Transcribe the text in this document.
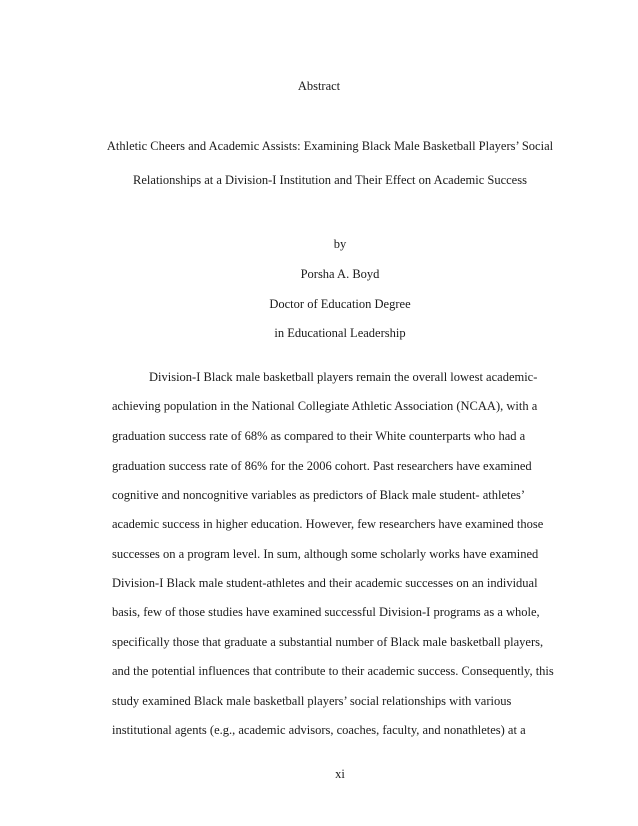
Abstract
Athletic Cheers and Academic Assists: Examining Black Male Basketball Players’ Social
Relationships at a Division-I Institution and Their Effect on Academic Success
by
Porsha A. Boyd
Doctor of Education Degree
in Educational Leadership
Division-I Black male basketball players remain the overall lowest academic-
achieving population in the National Collegiate Athletic Association (NCAA), with a
graduation success rate of 68% as compared to their White counterparts who had a
graduation success rate of 86% for the 2006 cohort. Past researchers have examined
cognitive and noncognitive variables as predictors of Black male student- athletes’
academic success in higher education. However, few researchers have examined those
successes on a program level. In sum, although some scholarly works have examined
Division-I Black male student-athletes and their academic successes on an individual
basis, few of those studies have examined successful Division-I programs as a whole,
specifically those that graduate a substantial number of Black male basketball players,
and the potential influences that contribute to their academic success. Consequently, this
study examined Black male basketball players’ social relationships with various
institutional agents (e.g., academic advisors, coaches, faculty, and nonathletes) at a
xi
